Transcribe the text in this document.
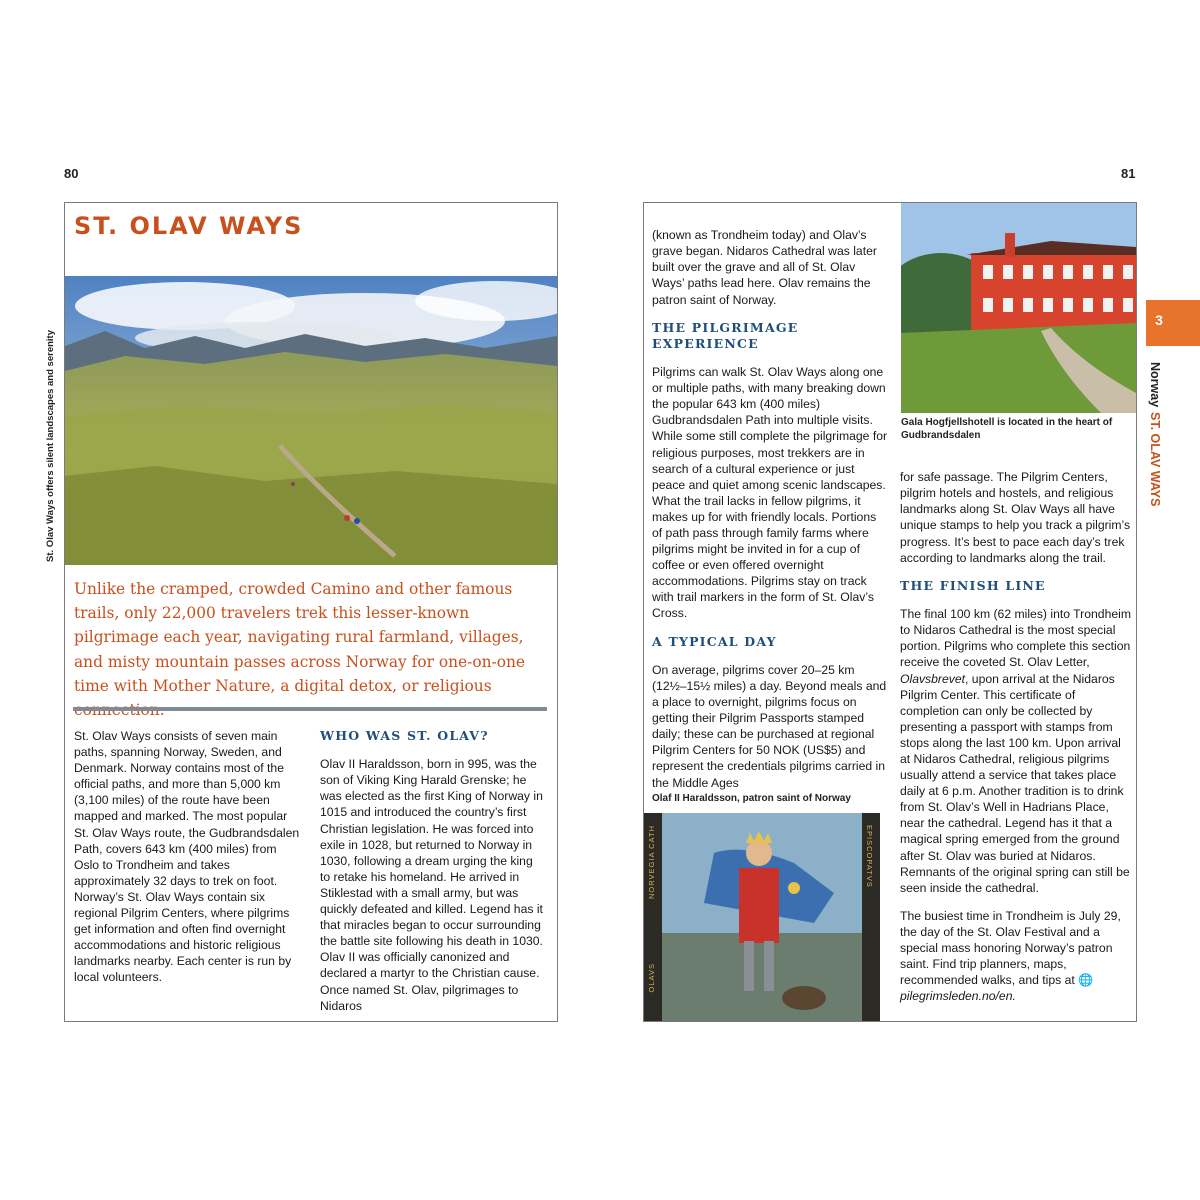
80
ST. OLAV WAYS
St. Olav Ways offers silent landscapes and serenity
Unlike the cramped, crowded Camino and other famous trails, only 22,000 travelers trek this lesser-known pilgrimage each year, navigating rural farmland, villages, and misty mountain passes across Norway for one-on-one time with Mother Nature, a digital detox, or religious
St. Olav Ways consists of seven main paths, spanning Norway, Sweden, and Denmark. Norway contains most of the official paths, and more than 5,000 km (3,100 miles) of the route have been mapped and marked. The most popular St. Olav Ways route, the Gudbrandsdalen Path, covers 643 km (400 miles) from Oslo to Trondheim and takes approximately 32 days to trek on foot. Norway’s St. Olav Ways contain six regional Pilgrim Centers, where pilgrims get information and often find overnight accommodations and historic religious landmarks nearby. Each center is run by local volunteers.

WHO WAS ST. OLAV?

Olav II Haraldsson, born in 995, was the son of Viking King Harald Grenske; he was elected as the first King of Norway in 1015 and introduced the country’s first Christian legislation. He was forced into exile in 1028, but returned to Norway in 1030, following a dream urging the king to retake his homeland. He arrived in Stiklestad with a small army, but was quickly defeated and killed. Legend has it that miracles began to occur surrounding the battle site following his death in 1030. Olav II was officially canonized and declared a martyr to the Christian cause. Once named St. Olav, pilgrimages to Nidaros

81

(known as Trondheim today) and Olav’s grave began. Nidaros Cathedral was later built over the grave and all of St. Olav Ways’ paths lead here. Olav remains the patron saint of Norway.

THE PILGRIMAGE EXPERIENCE

Pilgrims can walk St. Olav Ways along one or multiple paths, with many breaking down the popular 643 km (400 miles) Gudbrandsdalen Path into multiple visits. While some still complete the pilgrimage for religious purposes, most trekkers are in search of a cultural experience or just peace and quiet among scenic landscapes. What the trail lacks in fellow pilgrims, it makes up for with friendly locals. Portions of path pass through family farms where pilgrims might be invited in for a cup of coffee or even offered overnight accommodations. Pilgrims stay on track with trail markers in the form of St. Olav’s Cross.

A TYPICAL DAY

On average, pilgrims cover 20–25 km (12½–15½ miles) a day. Beyond meals and a place to overnight, pilgrims focus on getting their Pilgrim Passports stamped daily; these can be purchased at regional Pilgrim Centers for 50 NOK (US$5) and represent the credentials pilgrims carried in the Middle Ages

Olaf II Haraldsson, patron saint of Norway
NORVEGIA CATH	EPISCOPATVS
OLAVS
Gala Hogfjellshotell is located in the heart of Gudbrandsdalen

for safe passage. The Pilgrim Centers, pilgrim hotels and hostels, and religious landmarks along St. Olav Ways all have unique stamps to help you track a pilgrim’s progress. It’s best to pace each day’s trek according to landmarks along the trail.

THE FINISH LINE

The final 100 km (62 miles) into Trondheim to Nidaros Cathedral is the most special portion. Pilgrims who complete this section receive the coveted St. Olav Letter, Olavsbrevet, upon arrival at the Nidaros Pilgrim Center. This certificate of completion can only be collected by presenting a passport with stamps from stops along the last 100 km. Upon arrival at Nidaros Cathedral, religious pilgrims usually attend a service that takes place daily at 6 p.m. Another tradition is to drink from St. Olav’s Well in Hadrians Place, near the cathedral. Legend has it that a magical spring emerged from the ground after St. Olav was buried at Nidaros. Remnants of the original spring can still be seen inside the cathedral.

The busiest time in Trondheim is July 29, the day of the St. Olav Festival and a special mass honoring Norway’s patron saint. Find trip planners, maps, recommended walks, and tips at 🌐 pilegrimsleden.no/en.

3
Norway
ST. OLAV WAYS
